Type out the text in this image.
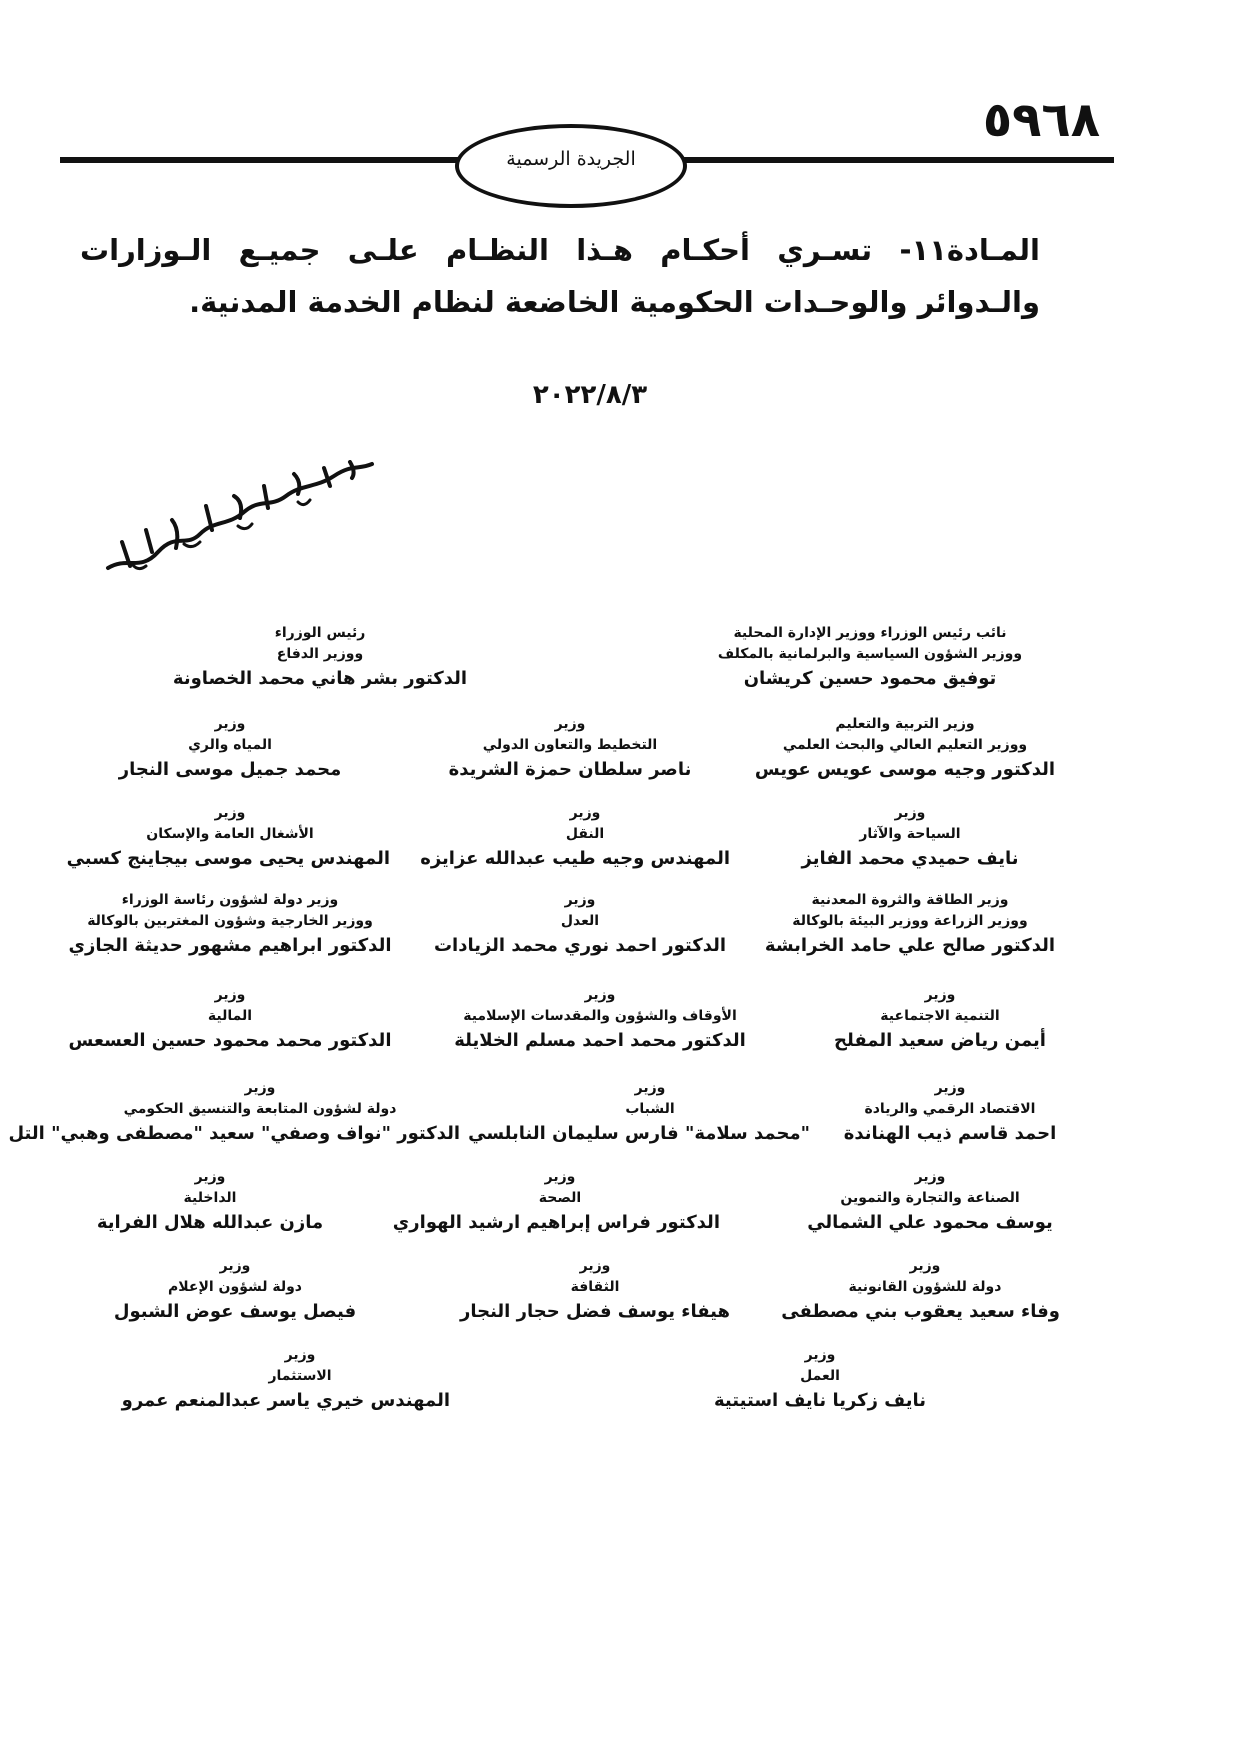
٥٩٦٨
الجريدة الرسمية
المـادة١١- تسـري أحكـام هـذا النظـام علـى جميـع الـوزارات والـدوائر والوحـدات الحكومية الخاضعة لنظام الخدمة المدنية.
٢٠٢٢/٨/٣
رئيس الوزراء
ووزير الدفاع
الدكتور بشر هاني محمد الخصاونة
نائب رئيس الوزراء ووزير الإدارة المحلية
ووزير الشؤون السياسية والبرلمانية بالمكلف
توفيق محمود حسين كريشان
وزير
المياه والري
محمد جميل موسى النجار
وزير
التخطيط والتعاون الدولي
ناصر سلطان حمزة الشريدة
وزير التربية والتعليم
ووزير التعليم العالي والبحث العلمي
الدكتور وجيه موسى عويس عويس
وزير
الأشغال العامة والإسكان
المهندس يحيى موسى بيجاينج كسبي
وزير
النقل
المهندس وجيه طيب عبدالله عزايزه
وزير
السياحة والآثار
نايف حميدي محمد الفايز
وزير دولة لشؤون رئاسة الوزراء
ووزير الخارجية وشؤون المغتربين بالوكالة
الدكتور ابراهيم مشهور حديثة الجازي
وزير
العدل
الدكتور احمد نوري محمد الزيادات
وزير الطاقة والثروة المعدنية
ووزير الزراعة ووزير البيئة بالوكالة
الدكتور صالح علي حامد الخرابشة
وزير
المالية
الدكتور محمد محمود حسين العسعس
وزير
الأوقاف والشؤون والمقدسات الإسلامية
الدكتور محمد احمد مسلم الخلايلة
وزير
التنمية الاجتماعية
أيمن رياض سعيد المفلح
وزير
دولة لشؤون المتابعة والتنسيق الحكومي
الدكتور "نواف وصفي" سعيد "مصطفى وهبي" التل
وزير
الشباب
"محمد سلامة" فارس سليمان النابلسي
وزير
الاقتصاد الرقمي والريادة
احمد قاسم ذيب الهناندة
وزير
الداخلية
مازن عبدالله هلال الفراية
وزير
الصحة
الدكتور فراس إبراهيم ارشيد الهواري
وزير
الصناعة والتجارة والتموين
يوسف محمود علي الشمالي
وزير
دولة لشؤون الإعلام
فيصل يوسف عوض الشبول
وزير
الثقافة
هيفاء يوسف فضل حجار النجار
وزير
دولة للشؤون القانونية
وفاء سعيد يعقوب بني مصطفى
وزير
الاستثمار
المهندس خيري ياسر عبدالمنعم عمرو
وزير
العمل
نايف زكريا نايف استيتية
